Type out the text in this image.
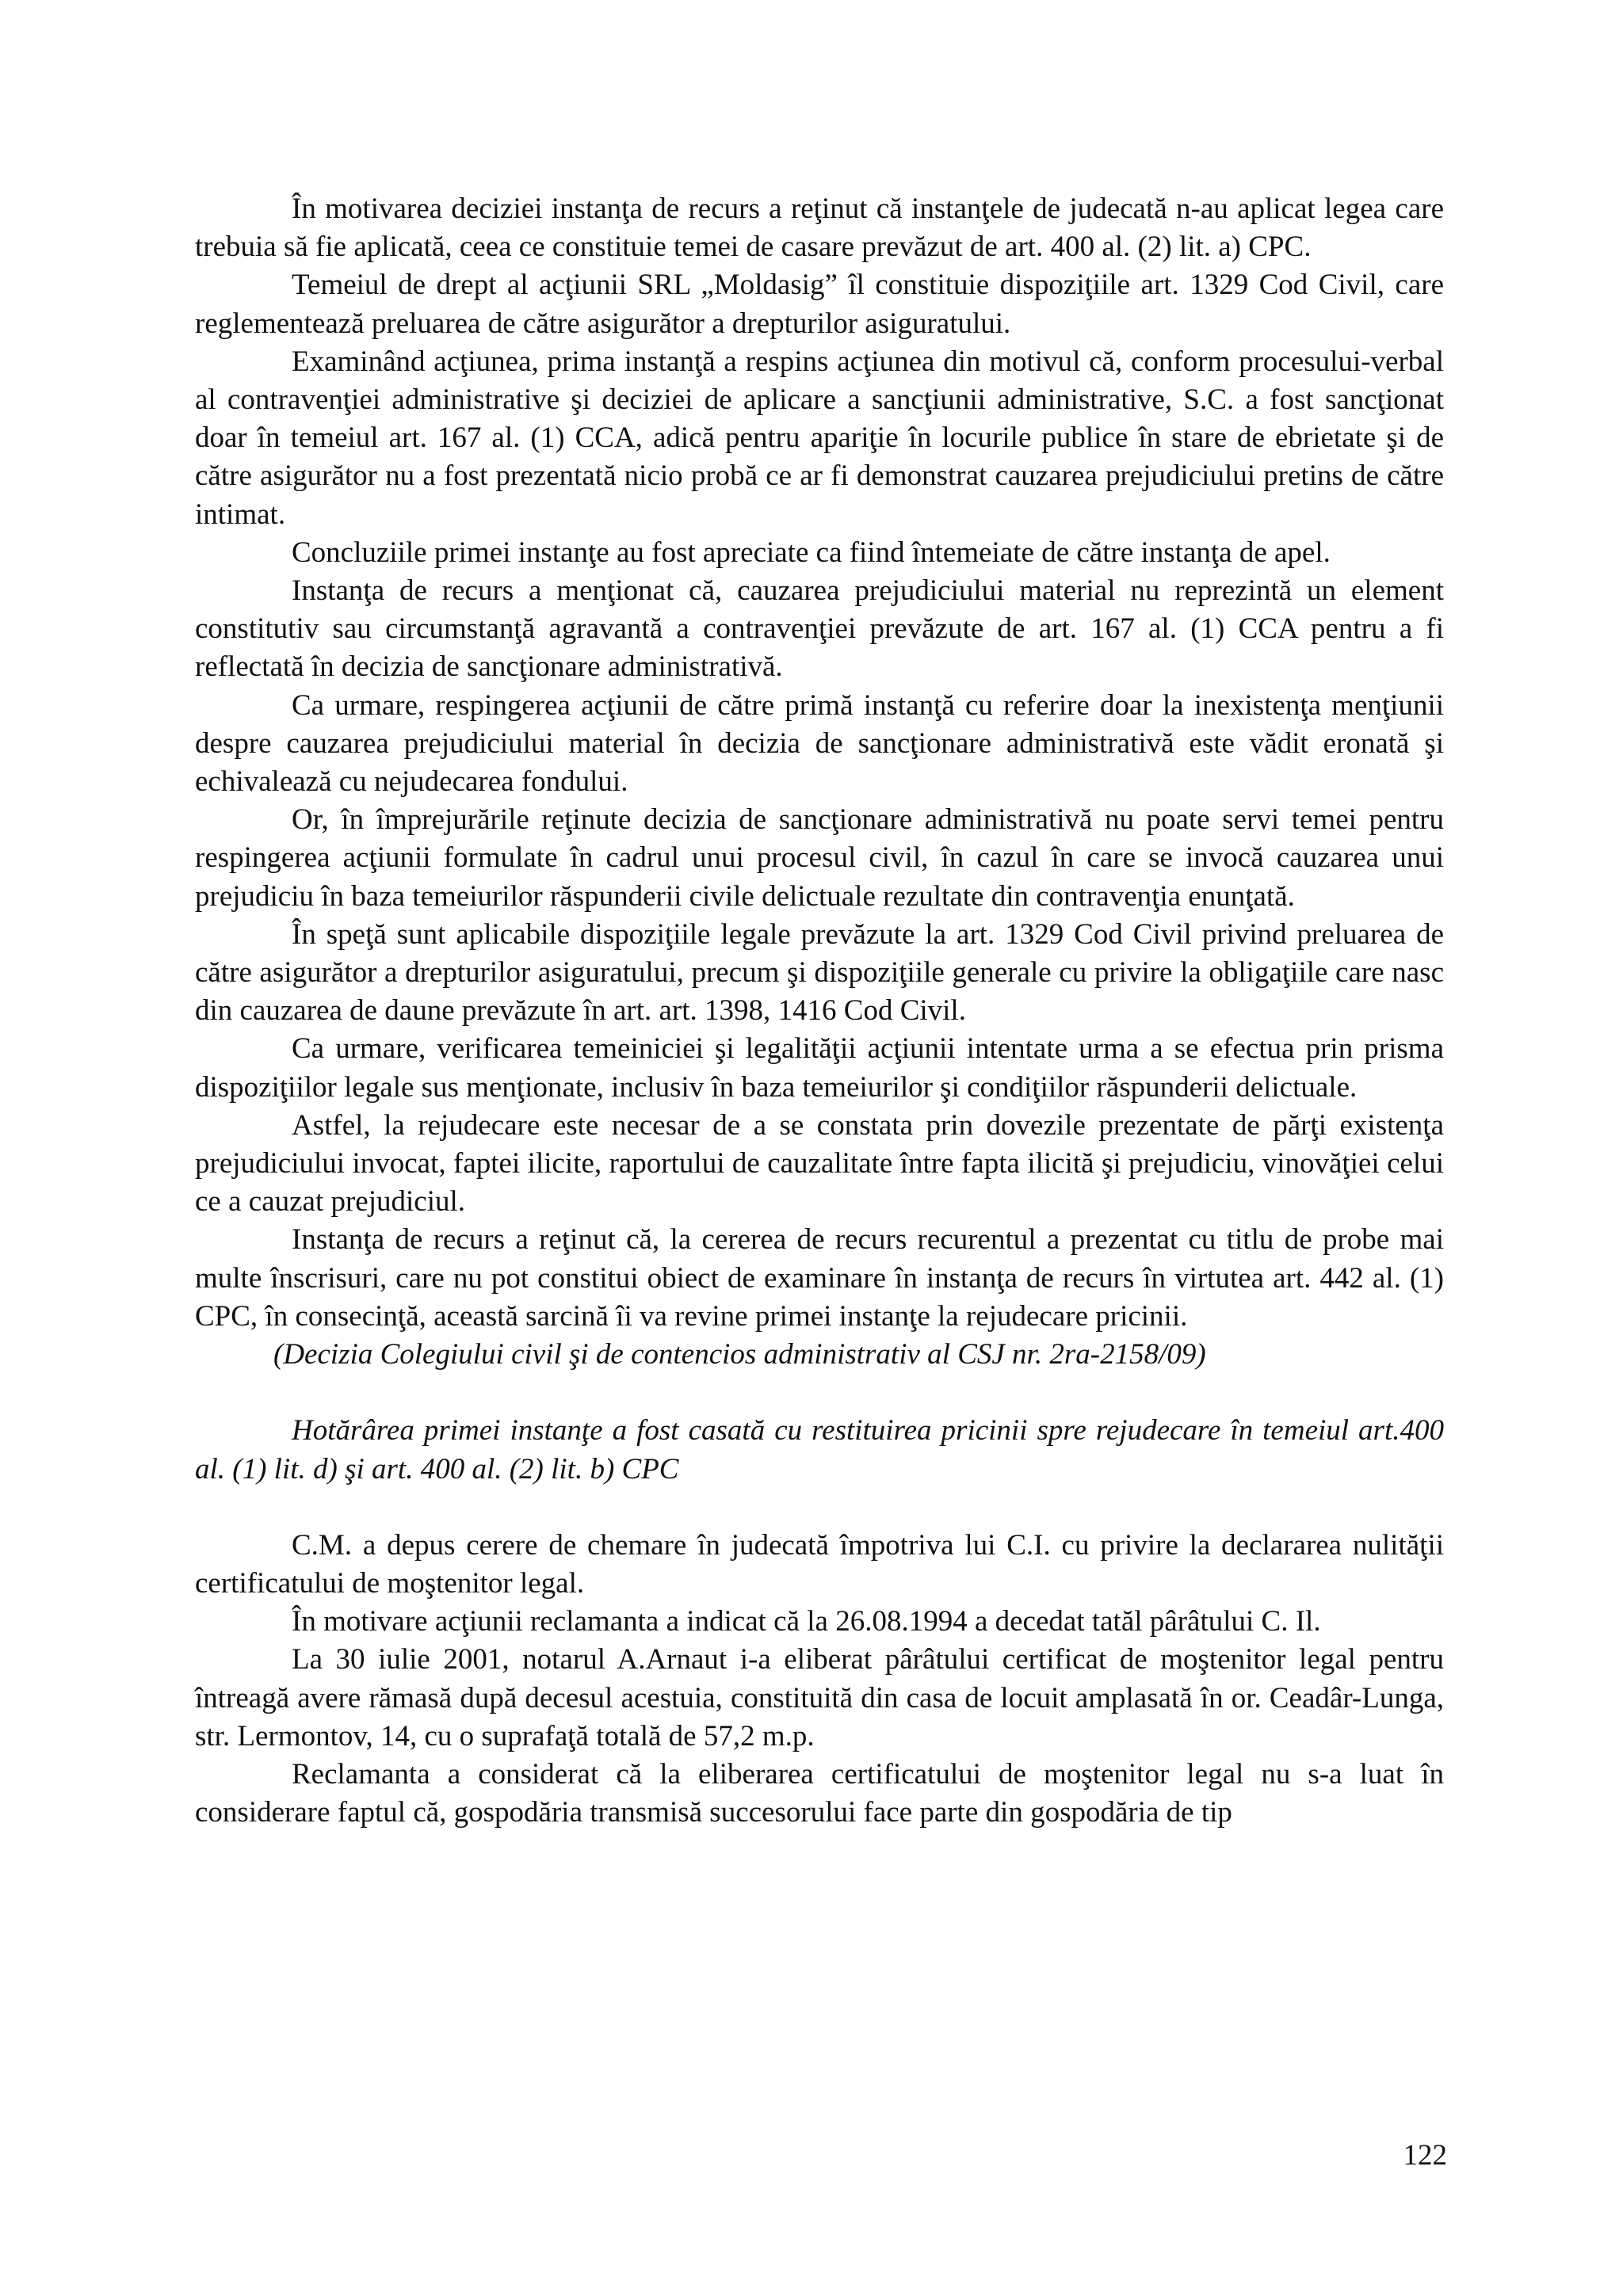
În motivarea deciziei instanţa de recurs a reţinut că instanţele de judecată n-au aplicat legea care trebuia să fie aplicată, ceea ce constituie temei de casare prevăzut de art. 400 al. (2) lit. a) CPC.

Temeiul de drept al acţiunii SRL „Moldasig” îl constituie dispoziţiile art. 1329 Cod Civil, care reglementează preluarea de către asigurător a drepturilor asiguratului.

Examinând acţiunea, prima instanţă a respins acţiunea din motivul că, conform procesului-verbal al contravenţiei administrative şi deciziei de aplicare a sancţiunii administrative, S.C. a fost sancţionat doar în temeiul art. 167 al. (1) CCA, adică pentru apariţie în locurile publice în stare de ebrietate şi de către asigurător nu a fost prezentată nicio probă ce ar fi demonstrat cauzarea prejudiciului pretins de către intimat.

Concluziile primei instanţe au fost apreciate ca fiind întemeiate de către instanţa de apel.

Instanţa de recurs a menţionat că, cauzarea prejudiciului material nu reprezintă un element constitutiv sau circumstanţă agravantă a contravenţiei prevăzute de art. 167 al. (1) CCA pentru a fi reflectată în decizia de sancţionare administrativă.

Ca urmare, respingerea acţiunii de către primă instanţă cu referire doar la inexistenţa menţiunii despre cauzarea prejudiciului material în decizia de sancţionare administrativă este vădit eronată şi echivalează cu nejudecarea fondului.

Or, în împrejurările reţinute decizia de sancţionare administrativă nu poate servi temei pentru respingerea acţiunii formulate în cadrul unui procesul civil, în cazul în care se invocă cauzarea unui prejudiciu în baza temeiurilor răspunderii civile delictuale rezultate din contravenţia enunţată.

În speţă sunt aplicabile dispoziţiile legale prevăzute la art. 1329 Cod Civil privind preluarea de către asigurător a drepturilor asiguratului, precum şi dispoziţiile generale cu privire la obligaţiile care nasc din cauzarea de daune prevăzute în art. art. 1398, 1416 Cod Civil.

Ca urmare, verificarea temeiniciei şi legalităţii acţiunii intentate urma a se efectua prin prisma dispoziţiilor legale sus menţionate, inclusiv în baza temeiurilor şi condiţiilor răspunderii delictuale.

Astfel, la rejudecare este necesar de a se constata prin dovezile prezentate de părţi existenţa prejudiciului invocat, faptei ilicite, raportului de cauzalitate între fapta ilicită şi prejudiciu, vinovăţiei celui ce a cauzat prejudiciul.

Instanţa de recurs a reţinut că, la cererea de recurs recurentul a prezentat cu titlu de probe mai multe înscrisuri, care nu pot constitui obiect de examinare în instanţa de recurs în virtutea art. 442 al. (1) CPC, în consecinţă, această sarcină îi va revine primei instanţe la rejudecare pricinii.

(Decizia Colegiului civil şi de contencios administrativ al CSJ nr. 2ra-2158/09)

Hotărârea primei instanţe a fost casată cu restituirea pricinii spre rejudecare în temeiul art.400 al. (1) lit. d) şi art. 400 al. (2) lit. b) CPC

C.M. a depus cerere de chemare în judecată împotriva lui C.I. cu privire la declararea nulităţii certificatului de moştenitor legal.

În motivare acţiunii reclamanta a indicat că la 26.08.1994 a decedat tatăl pârâtului C. Il.

La 30 iulie 2001, notarul A.Arnaut i-a eliberat pârâtului certificat de moştenitor legal pentru întreagă avere rămasă după decesul acestuia, constituită din casa de locuit amplasată în or. Ceadâr-Lunga, str. Lermontov, 14, cu o suprafaţă totală de 57,2 m.p.

Reclamanta a considerat că la eliberarea certificatului de moştenitor legal nu s-a luat în considerare faptul că, gospodăria transmisă succesorului face parte din gospodăria de tip

122
